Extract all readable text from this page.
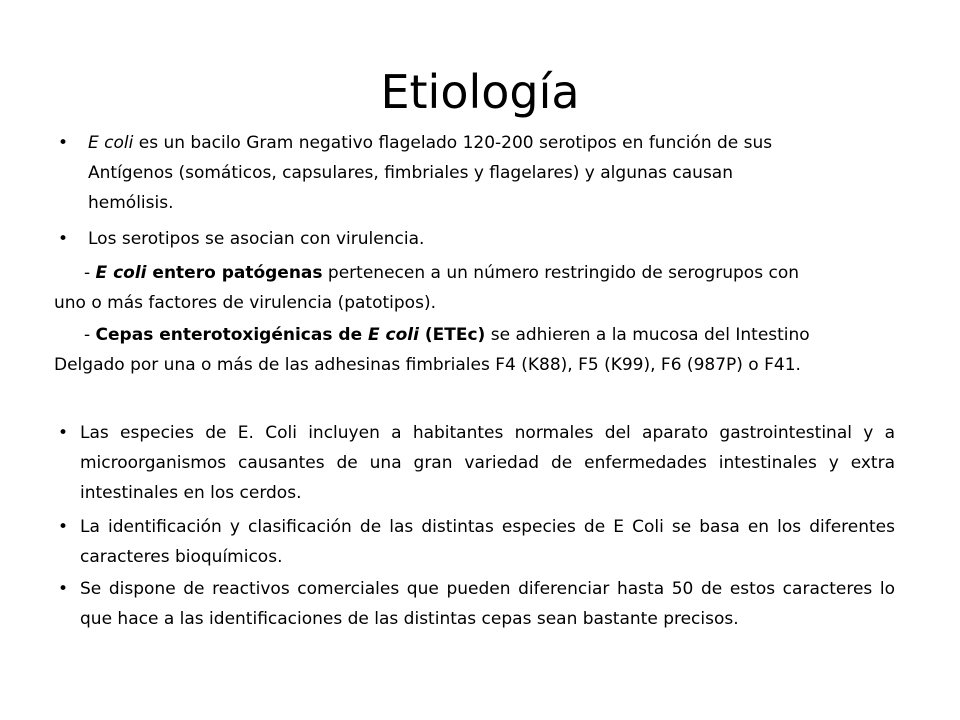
Etiología
• E coli es un bacilo Gram negativo flagelado 120-200 serotipos en función de sus
Antígenos (somáticos, capsulares, fimbriales y flagelares) y algunas causan
hemólisis.
• Los serotipos se asocian con virulencia.
- E coli entero patógenas pertenecen a un número restringido de serogrupos con
uno o más factores de virulencia (patotipos).
- Cepas enterotoxigénicas de E coli (ETEc) se adhieren a la mucosa del Intestino
Delgado por una o más de las adhesinas fimbriales F4 (K88), F5 (K99), F6 (987P) o F41.
• Las especies de E. Coli incluyen a habitantes normales del aparato gastrointestinal y a microorganismos causantes de una gran variedad de enfermedades intestinales y extra intestinales en los cerdos.
• La identificación y clasificación de las distintas especies de E Coli se basa en los diferentes caracteres bioquímicos.
• Se dispone de reactivos comerciales que pueden diferenciar hasta 50 de estos caracteres lo que hace a las identificaciones de las distintas cepas sean bastante precisos.
